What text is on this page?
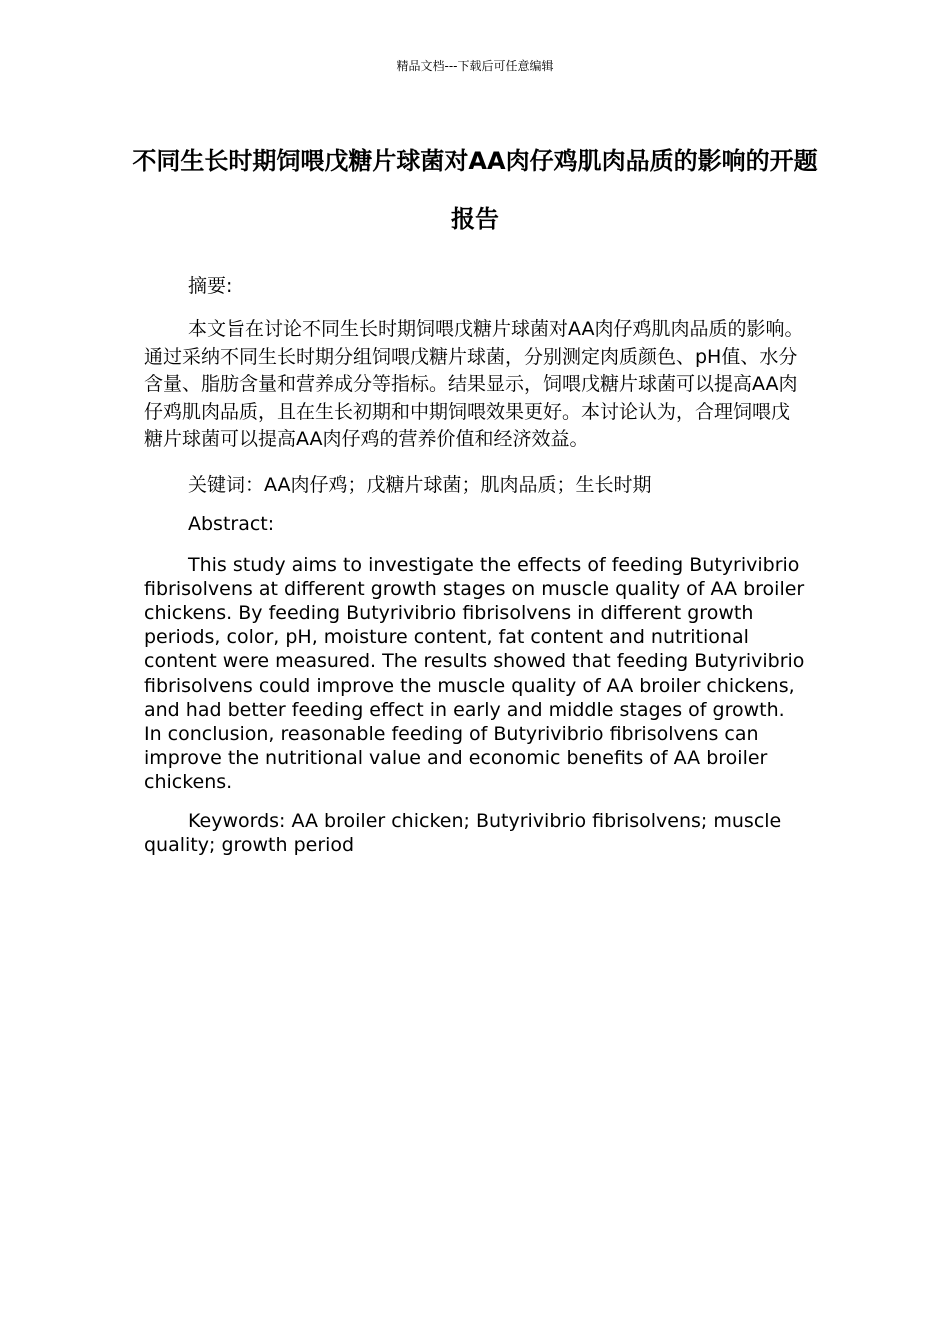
精品文档---下载后可任意编辑
不同生长时期饲喂戊糖片球菌对AA肉仔鸡肌肉品质的影响的开题报告

摘要:

本文旨在讨论不同生长时期饲喂戊糖片球菌对AA肉仔鸡肌肉品质的影响。通过采纳不同生长时期分组饲喂戊糖片球菌，分别测定肉质颜色、pH值、水分含量、脂肪含量和营养成分等指标。结果显示，饲喂戊糖片球菌可以提高AA肉仔鸡肌肉品质，且在生长初期和中期饲喂效果更好。本讨论认为，合理饲喂戊糖片球菌可以提高AA肉仔鸡的营养价值和经济效益。

关键词：AA肉仔鸡；戊糖片球菌；肌肉品质；生长时期

Abstract:

This study aims to investigate the effects of feeding Butyrivibrio fibrisolvens at different growth stages on muscle quality of AA broiler chickens. By feeding Butyrivibrio fibrisolvens in different growth periods, color, pH, moisture content, fat content and nutritional content were measured. The results showed that feeding Butyrivibrio fibrisolvens could improve the muscle quality of AA broiler chickens, and had better feeding effect in early and middle stages of growth. In conclusion, reasonable feeding of Butyrivibrio fibrisolvens can improve the nutritional value and economic benefits of AA broiler chickens.

Keywords: AA broiler chicken; Butyrivibrio fibrisolvens; muscle quality; growth period
